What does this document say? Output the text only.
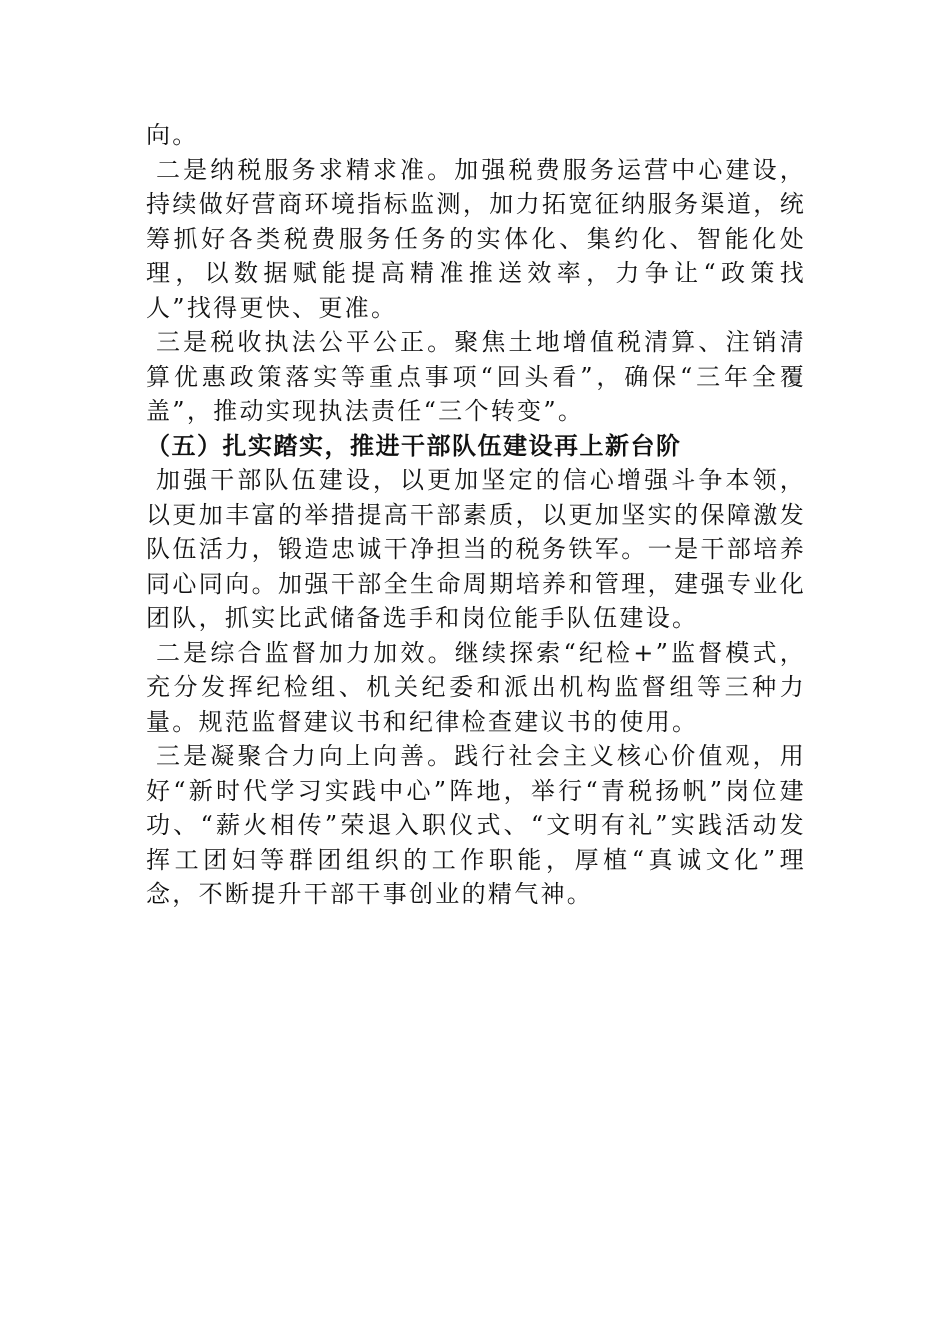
向。

二是纳税服务求精求准。加强税费服务运营中心建设，持续做好营商环境指标监测，加力拓宽征纳服务渠道，统筹抓好各类税费服务任务的实体化、集约化、智能化处理，以数据赋能提高精准推送效率，力争让“政策找人”找得更快、更准。

三是税收执法公平公正。聚焦土地增值税清算、注销清算优惠政策落实等重点事项“回头看”，确保“三年全覆盖”，推动实现执法责任“三个转变”。

（五）扎实踏实，推进干部队伍建设再上新台阶

加强干部队伍建设，以更加坚定的信心增强斗争本领，以更加丰富的举措提高干部素质，以更加坚实的保障激发队伍活力，锻造忠诚干净担当的税务铁军。一是干部培养同心同向。加强干部全生命周期培养和管理，建强专业化团队，抓实比武储备选手和岗位能手队伍建设。

二是综合监督加力加效。继续探索“纪检+”监督模式，充分发挥纪检组、机关纪委和派出机构监督组等三种力量。规范监督建议书和纪律检查建议书的使用。

三是凝聚合力向上向善。践行社会主义核心价值观，用好“新时代学习实践中心”阵地，举行“青税扬帆”岗位建功、“薪火相传”荣退入职仪式、“文明有礼”实践活动发挥工团妇等群团组织的工作职能，厚植“真诚文化”理念，不断提升干部干事创业的精气神。
